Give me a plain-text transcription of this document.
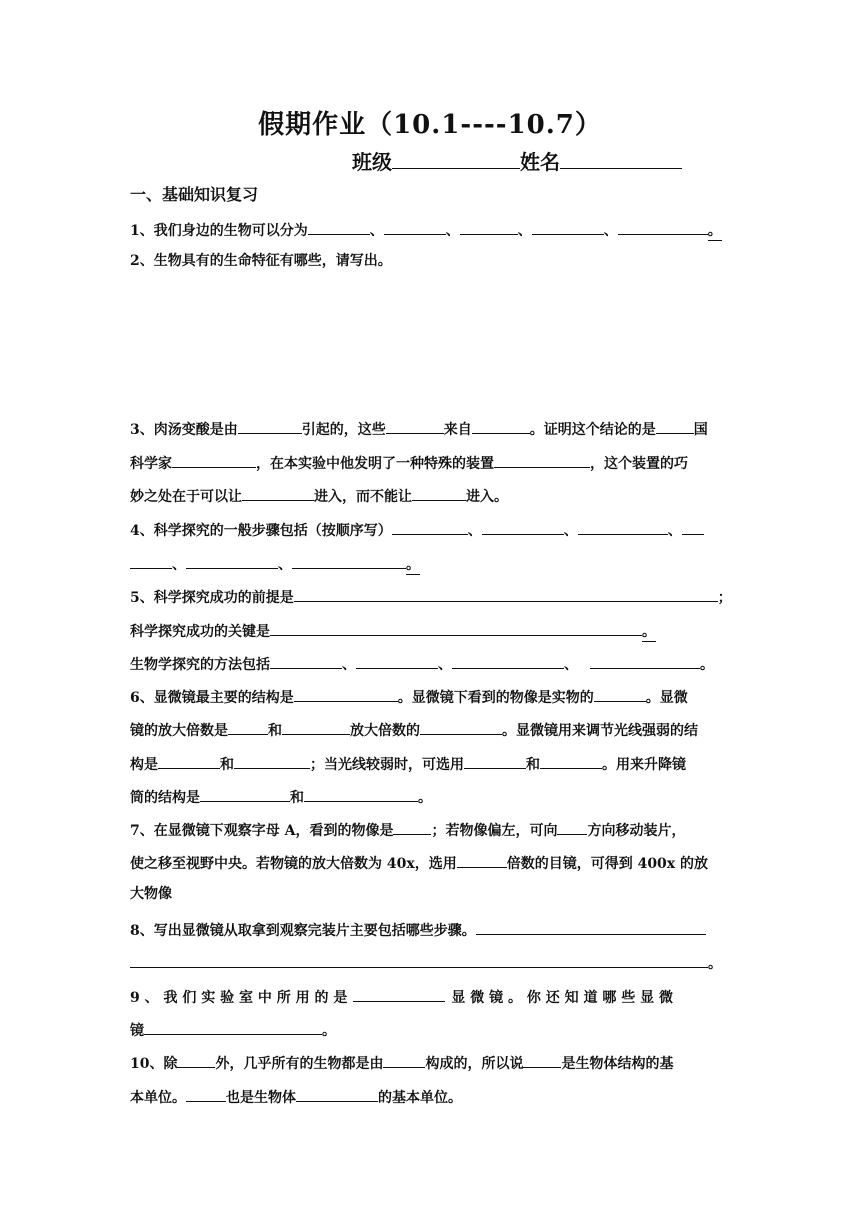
假期作业（10.1----10.7）
班级	姓名
一、基础知识复习
1、我们身边的生物可以分为	、	、	、	、	。
2、生物具有的生命特征有哪些，请写出。
3、肉汤变酸是由	引起的，这些	来自	。证明这个结论的是	国
科学家	，在本实验中他发明了一种特殊的装置	，这个装置的巧
妙之处在于可以让	进入，而不能让	进入。
4、科学探究的一般步骤包括（按顺序写）	、	、	、
、	、	。
5、科学探究成功的前提是	；
科学探究成功的关键是	。
生物学探究的方法包括	、	、	、	。
6、显微镜最主要的结构是	。显微镜下看到的物像是实物的	。显微
镜的放大倍数是	和	放大倍数的	。显微镜用来调节光线强弱的结
构是	和	；当光线较弱时，可选用	和	。用来升降镜
筒的结构是	和	。
7、在显微镜下观察字母 A，看到的物像是	；若物像偏左，可向 方向移动装片，
使之移至视野中央。若物镜的放大倍数为 40x，选用	倍数的目镜，可得到 400x 的放
大物像
8、写出显微镜从取拿到观察完装片主要包括哪些步骤。
。
9 、 我 们 实 验 室 中 所 用 的 是	显 微 镜 。 你 还 知 道 哪 些 显 微
镜	。
10、除	外，几乎所有的生物都是由	构成的，所以说	是生物体结构的基
本单位。	也是生物体	的基本单位。
